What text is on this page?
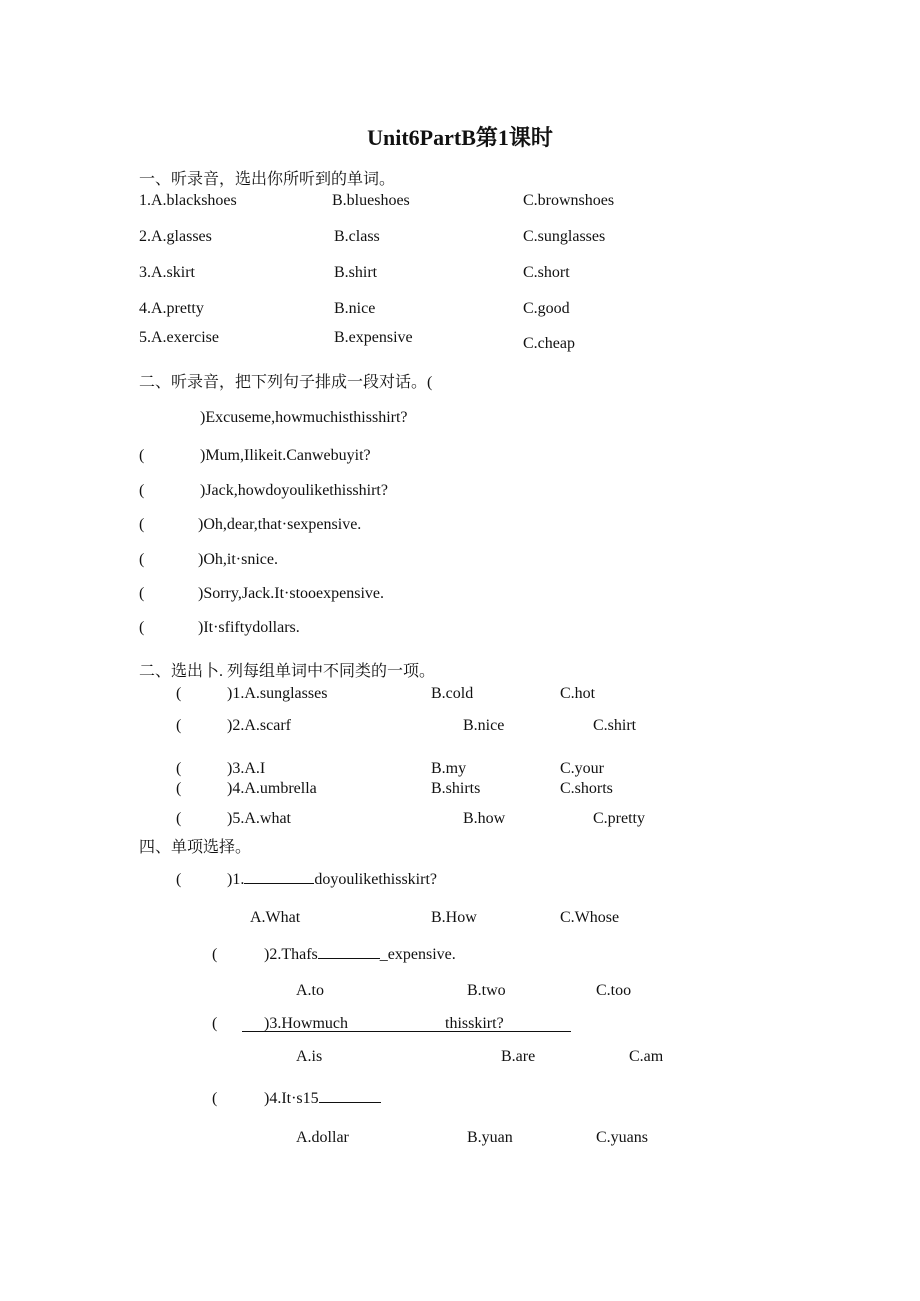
Unit6PartB第1课时
一、听录音，选出你所听到的单词。
1.A.blackshoes	B.blueshoes	C.brownshoes
2.A.glasses	B.class	C.sunglasses
3.A.skirt	B.shirt	C.short
4.A.pretty	B.nice	C.good
5.A.exercise	B.expensive	C.cheap
二、听录音，把下列句子排成一段对话。(
)Excuseme,howmuchisthisshirt?
(	)Mum,Ilikeit.Canwebuyit?
(	)Jack,howdoyoulikethisshirt?
(	)Oh,dear,that·sexpensive.
(	)Oh,it·snice.
(	)Sorry,Jack.It·stooexpensive.
(	)It·sfiftydollars.
二、选出卜. 列每组单词中不同类的一项。
(	)1.A.sunglasses	B.cold	C.hot
(	)2.A.scarf	B.nice	C.shirt
(	)3.A.I	B.my	C.your
(	)4.A.umbrella	B.shirts	C.shorts
(	)5.A.what	B.how	C.pretty
四、单项选择。
(	)1.	doyoulikethisskirt?
A.What	B.How	C.Whose
(	)2.Thafs	_expensive.
A.to	B.two	C.too
(	)3.Howmuch	thisskirt?
A.is	B.are	C.am
(	)4.It·s15
A.dollar	B.yuan	C.yuans
